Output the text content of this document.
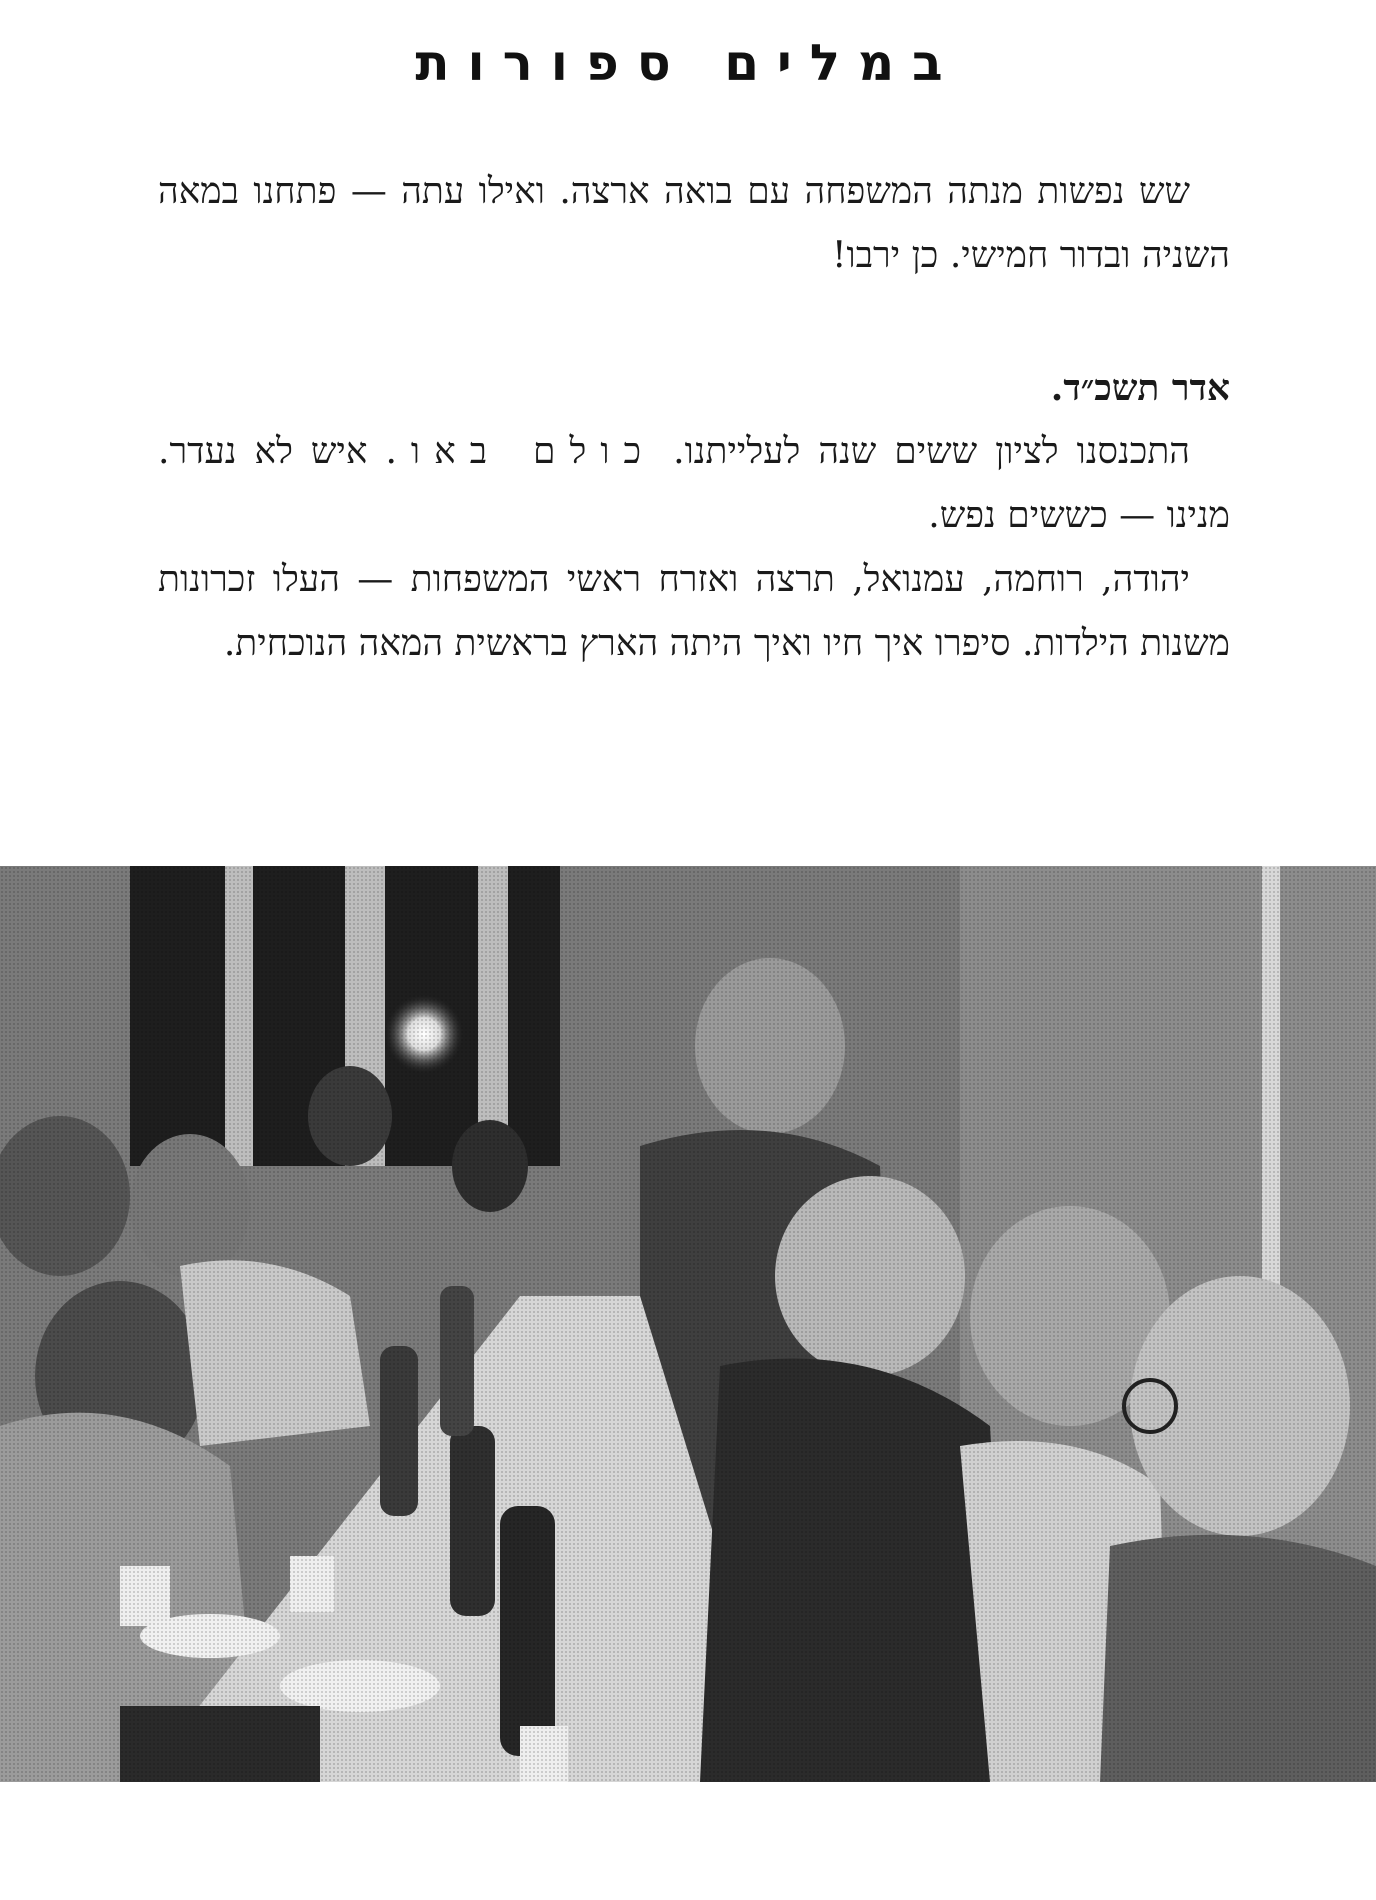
במלים ספורות

שש נפשות מנתה המשפחה עם בואה ארצה. ואילו עתה — פתחנו במאה השניה ובדור חמישי. כן ירבו!

אדר תשכ״ד.

התכנסנו לציון ששים שנה לעלייתנו. כולם באו. איש לא נעדר. מנינו — כששים נפש.

יהודה, רוחמה, עמנואל, תרצה ואזרח ראשי המשפחות — העלו זכרונות משנות הילדות. סיפרו איך חיו ואיך היתה הארץ בראשית המאה הנוכחית.
